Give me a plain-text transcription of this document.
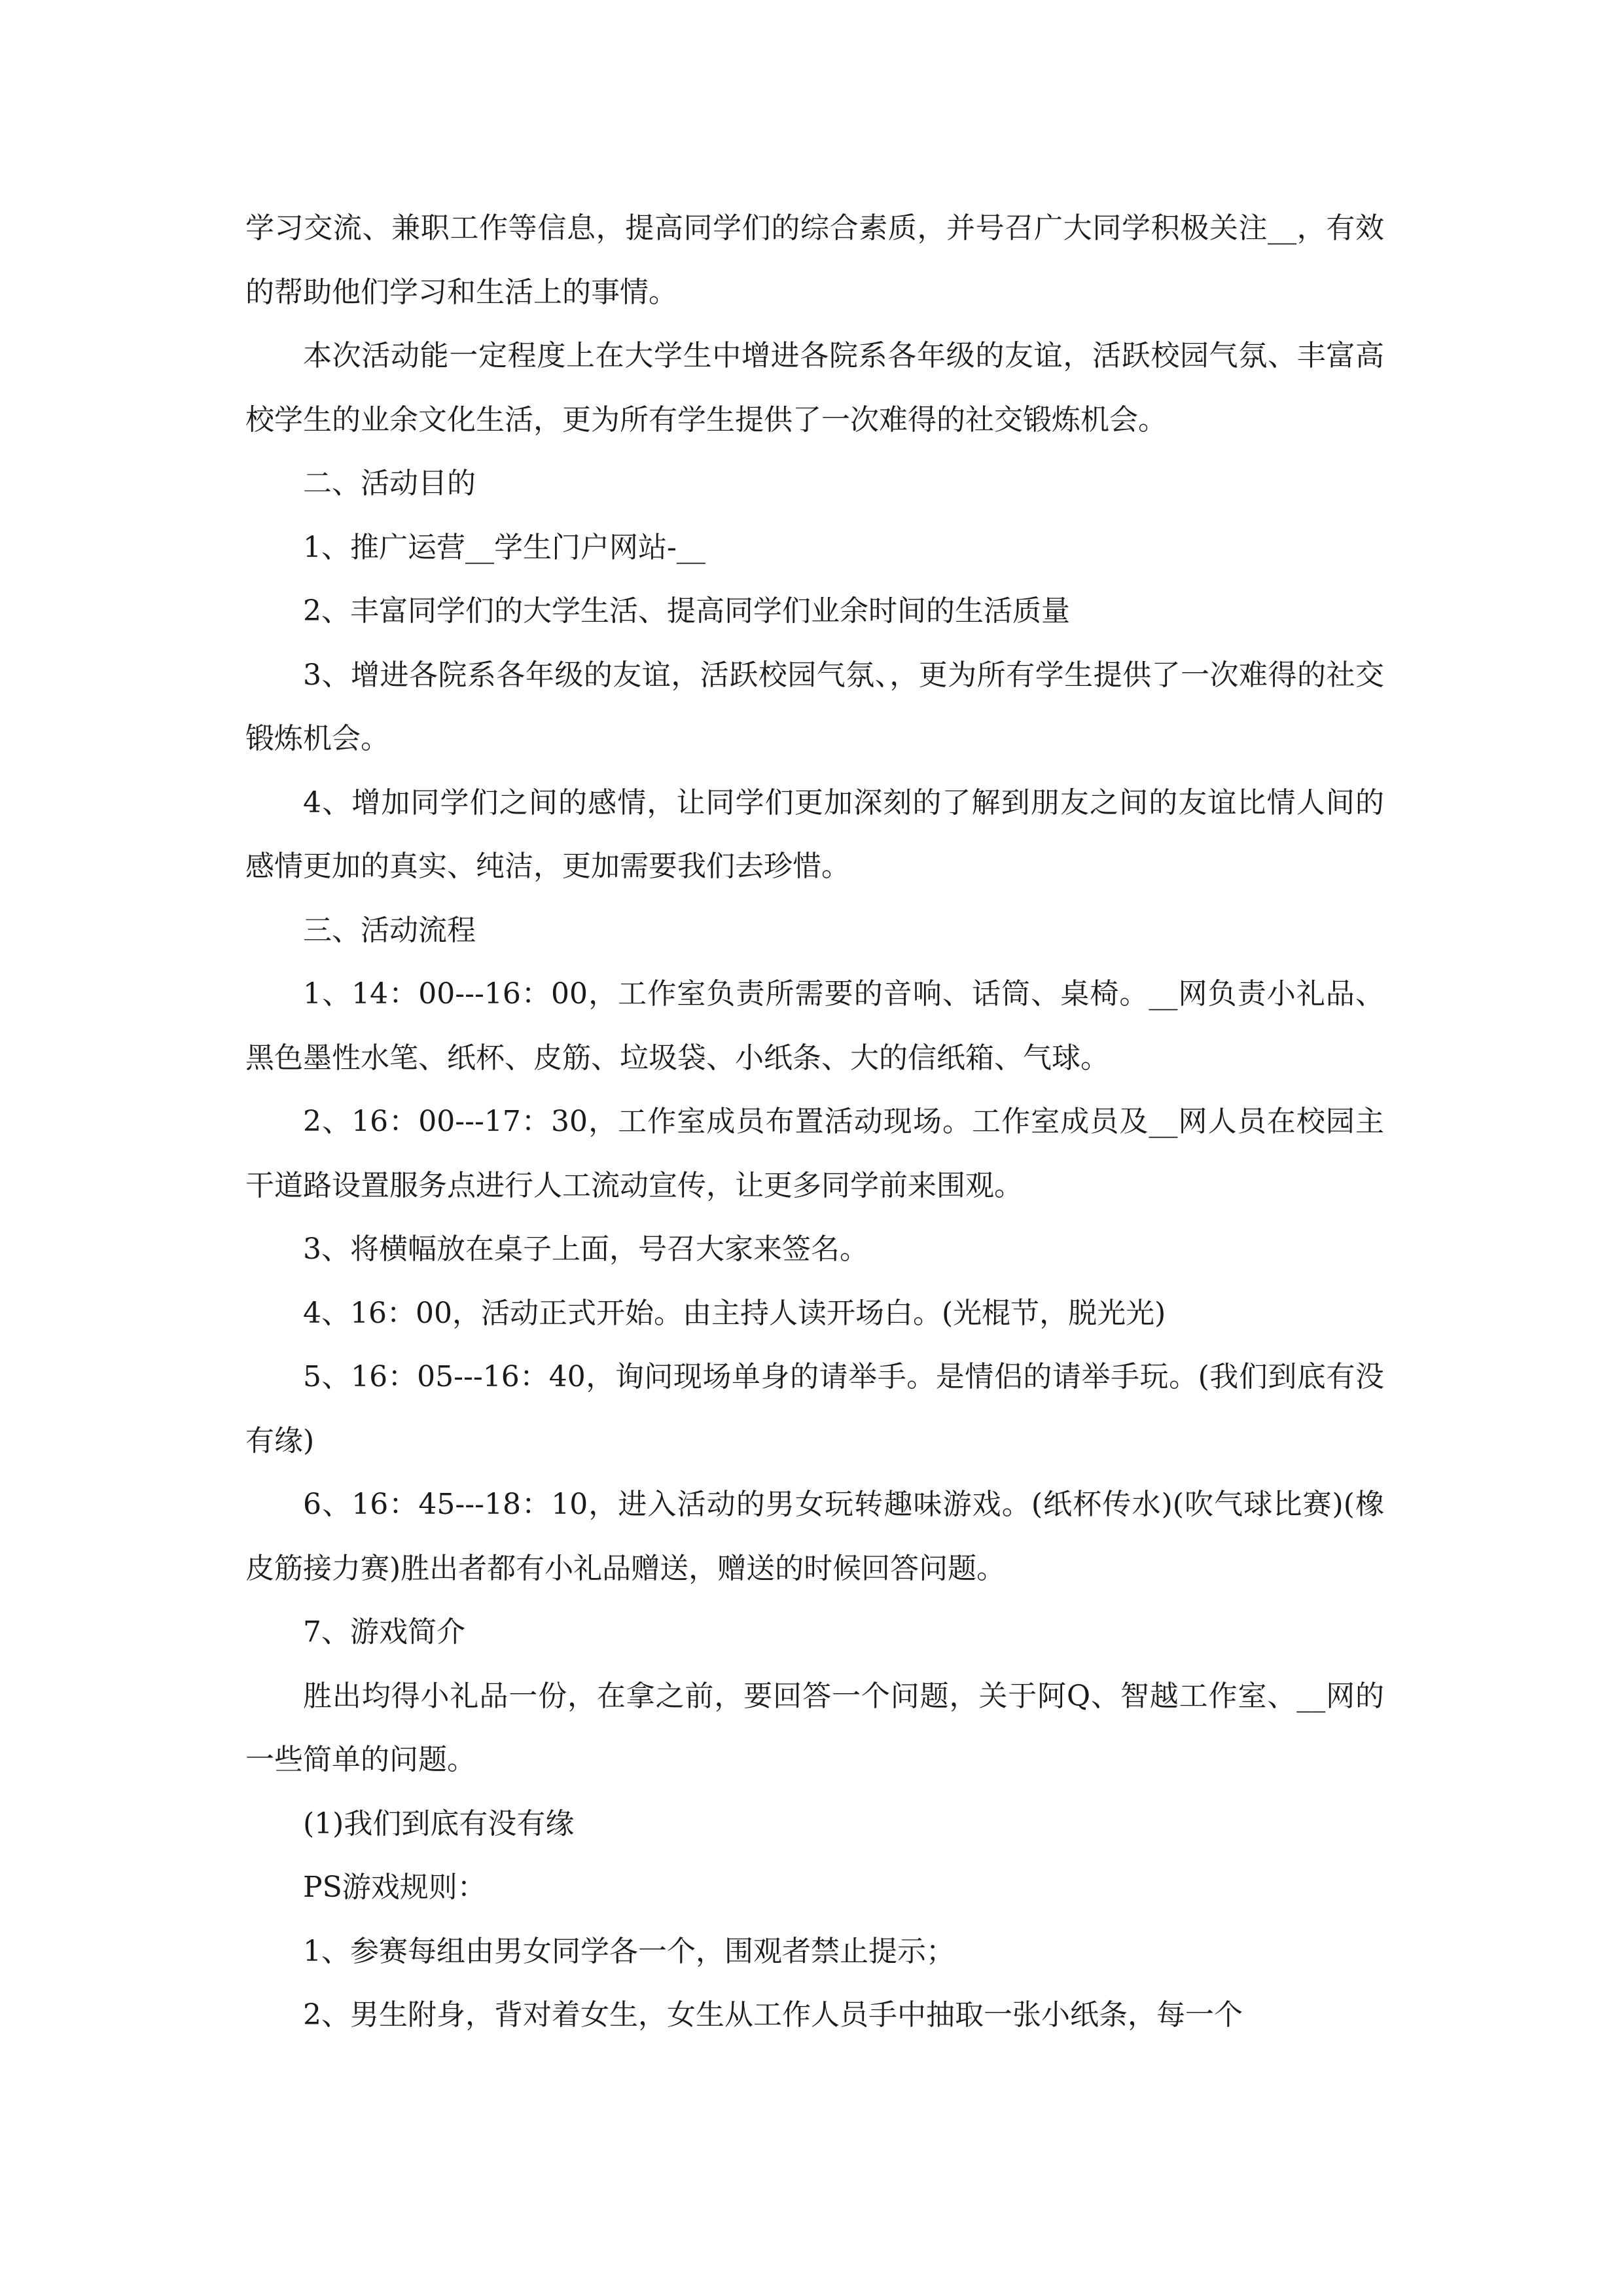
学习交流、兼职工作等信息，提高同学们的综合素质，并号召广大同学积极关注__，有效的帮助他们学习和生活上的事情。

本次活动能一定程度上在大学生中增进各院系各年级的友谊，活跃校园气氛、丰富高校学生的业余文化生活，更为所有学生提供了一次难得的社交锻炼机会。

二、活动目的

1、推广运营__学生门户网站-__

2、丰富同学们的大学生活、提高同学们业余时间的生活质量

3、增进各院系各年级的友谊，活跃校园气氛、，更为所有学生提供了一次难得的社交锻炼机会。

4、增加同学们之间的感情，让同学们更加深刻的了解到朋友之间的友谊比情人间的感情更加的真实、纯洁，更加需要我们去珍惜。

三、活动流程

1、14：00---16：00，工作室负责所需要的音响、话筒、桌椅。__网负责小礼品、黑色墨性水笔、纸杯、皮筋、垃圾袋、小纸条、大的信纸箱、气球。

2、16：00---17：30，工作室成员布置活动现场。工作室成员及__网人员在校园主干道路设置服务点进行人工流动宣传，让更多同学前来围观。

3、将横幅放在桌子上面，号召大家来签名。

4、16：00，活动正式开始。由主持人读开场白。(光棍节，脱光光)

5、16：05---16：40，询问现场单身的请举手。是情侣的请举手玩。(我们到底有没有缘)

6、16：45---18：10，进入活动的男女玩转趣味游戏。(纸杯传水)(吹气球比赛)(橡皮筋接力赛)胜出者都有小礼品赠送，赠送的时候回答问题。

7、游戏简介

胜出均得小礼品一份，在拿之前，要回答一个问题，关于阿Q、智越工作室、__网的一些简单的问题。

(1)我们到底有没有缘

PS游戏规则：

1、参赛每组由男女同学各一个，围观者禁止提示；

2、男生附身，背对着女生，女生从工作人员手中抽取一张小纸条，每一个
